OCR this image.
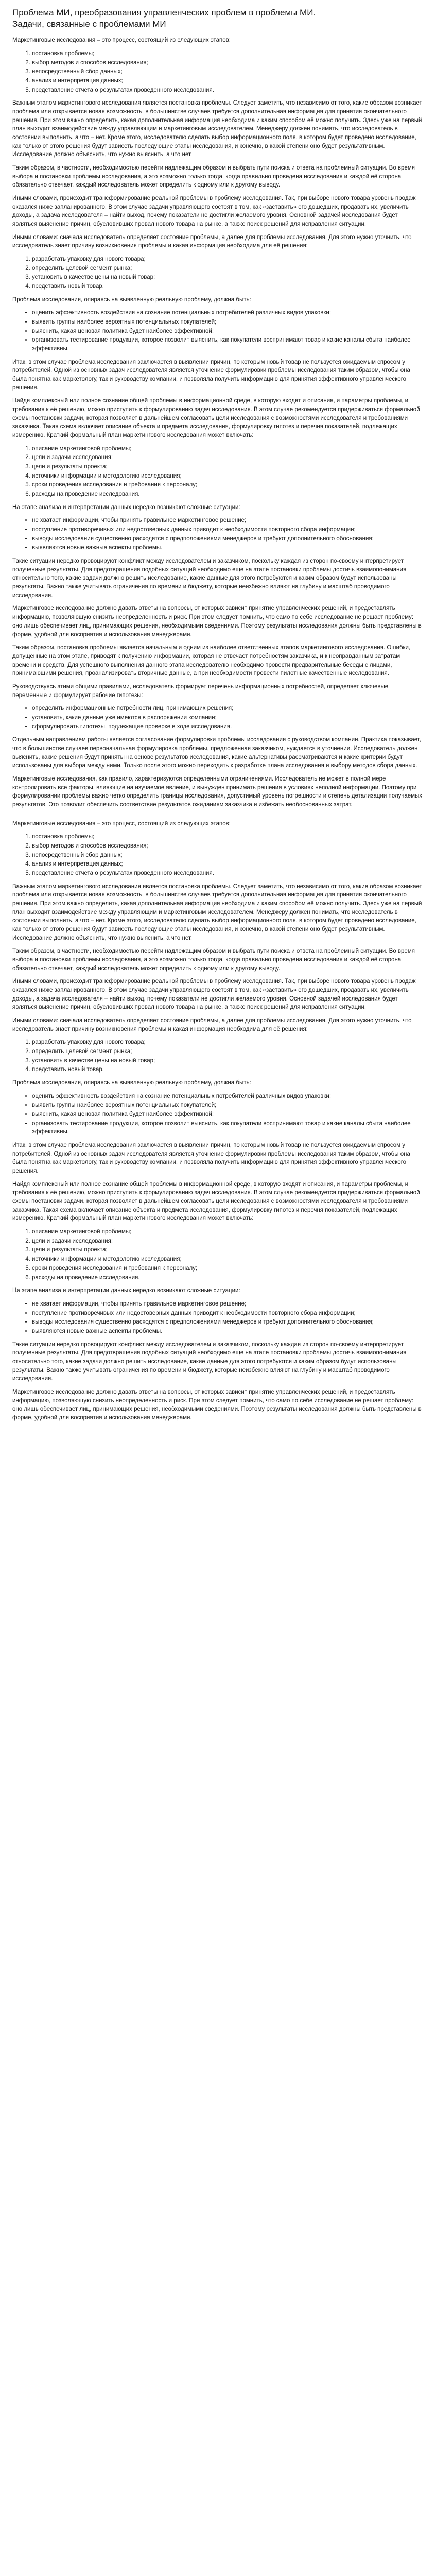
Проблема МИ, преобразования управленческих проблем в проблемы МИ. Задачи, связанные с проблемами МИ

Маркетинговые исследования – это процесс, состоящий из следующих этапов:

1. постановка проблемы;
2. выбор методов и способов исследования;
3. непосредственный сбор данных;
4. анализ и интерпретация данных;
5. представление отчета о результатах проведенного исследования.

Важным этапом маркетингового исследования является постановка проблемы. Следует заметить, что независимо от того, какие образом возникает проблема или открывается новая возможность, в большинстве случаев требуется дополнительная информация для принятия окончательного решения. При этом важно определить, какая дополнительная информация необходима и каким способом её можно получить. Здесь уже на первый план выходит взаимодействие между управляющим и маркетинговым исследователем. Менеджеру должен понимать, что исследователь в состоянии выполнить, а что – нет. Кроме этого, исследователю сделать выбор информационного поля, в котором будет проведено исследование, как только от этого решения будут зависеть последующие этапы исследования, и конечно, в какой степени оно будет результативным. Исследование должно объяснить, что нужно выяснить, а что нет.

Таким образом, в частности, необходимостью перейти надлежащим образом и выбрать пути поиска и ответа на проблемный ситуации. Во время выбора и постановки проблемы исследования, а это возможно только тогда, когда правильно проведена исследования и каждой её сторона обязательно отвечает, каждый исследователь может определить к одному или к другому выводу.

Иными словами, происходит трансформирование реальной проблемы в проблему исследования. Так, при выборе нового товара уровень продаж оказался ниже запланированного. В этом случае задачи управляющего состоят в том, как «заставить» его дошедших, продавать их, увеличить доходы, а задача исследователя – найти выход, почему показатели не достигли желаемого уровня. Основной задачей исследования будет являться выяснение причин, обусловивших провал нового товара на рынке, а также поиск решений для исправления ситуации.

Иными словами: сначала исследователь определяет состояние проблемы, а далее для проблемы исследования. Для этого нужно уточнить, что исследователь знает причину возникновения проблемы и какая информация необходима для её решения:

1. разработать упаковку для нового товара;
2. определить целевой сегмент рынка;
3. установить в качестве цены на новый товар;
4. представить новый товар.

Проблема исследования, опираясь на выявленную реальную проблему, должна быть:

• оценить эффективность воздействия на сознание потенциальных потребителей различных видов упаковки;
• выявить группы наиболее вероятных потенциальных покупателей;
• выяснить, какая ценовая политика будет наиболее эффективной;
• организовать тестирование продукции, которое позволит выяснить, как покупатели воспринимают товар и какие каналы сбыта наиболее эффективны.

Итак, в этом случае проблема исследования заключается в выявлении причин, по которым новый товар не пользуется ожидаемым спросом у потребителей. Одной из основных задач исследователя является уточнение формулировки проблемы исследования таким образом, чтобы она была понятна как маркетологу, так и руководству компании, и позволяла получить информацию для принятия эффективного управленческого решения.

Найдя комплексный или полное сознание общей проблемы в информационной среде, в которую входят и описания, и параметры проблемы, и требования к её решению, можно приступить к формулированию задач исследования. В этом случае рекомендуется придерживаться формальной схемы постановки задачи, которая позволяет в дальнейшем согласовать цели исследования с возможностями исследователя и требованиями заказчика. Такая схема включает описание объекта и предмета исследования, формулировку гипотез и перечня показателей, подлежащих измерению. Краткий формальный план маркетингового исследования может включать:

1. описание маркетинговой проблемы;
2. цели и задачи исследования;
3. цели и результаты проекта;
4. источники информации и методологию исследования;
5. сроки проведения исследования и требования к персоналу;
6. расходы на проведение исследования.

На этапе анализа и интерпретации данных нередко возникают сложные ситуации:

• не хватает информации, чтобы принять правильное маркетинговое решение;
• поступление противоречивых или недостоверных данных приводит к необходимости повторного сбора информации;
• выводы исследования существенно расходятся с предположениями менеджеров и требуют дополнительного обоснования;
• выявляются новые важные аспекты проблемы.

Такие ситуации нередко провоцируют конфликт между исследователем и заказчиком, поскольку каждая из сторон по-своему интерпретирует полученные результаты. Для предотвращения подобных ситуаций необходимо еще на этапе постановки проблемы достичь взаимопонимания относительно того, какие задачи должно решить исследование, какие данные для этого потребуются и каким образом будут использованы результаты. Важно также учитывать ограничения по времени и бюджету, которые неизбежно влияют на глубину и масштаб проводимого исследования.

Маркетинговое исследование должно давать ответы на вопросы, от которых зависит принятие управленческих решений, и предоставлять информацию, позволяющую снизить неопределенность и риск. При этом следует помнить, что само по себе исследование не решает проблему: оно лишь обеспечивает лиц, принимающих решения, необходимыми сведениями. Поэтому результаты исследования должны быть представлены в форме, удобной для восприятия и использования менеджерами.

Таким образом, постановка проблемы является начальным и одним из наиболее ответственных этапов маркетингового исследования. Ошибки, допущенные на этом этапе, приводят к получению информации, которая не отвечает потребностям заказчика, и к неоправданным затратам времени и средств. Для успешного выполнения данного этапа исследователю необходимо провести предварительные беседы с лицами, принимающими решения, проанализировать вторичные данные, а при необходимости провести пилотные качественные исследования.

Руководствуясь этими общими правилами, исследователь формирует перечень информационных потребностей, определяет ключевые переменные и формулирует рабочие гипотезы:

• определить информационные потребности лиц, принимающих решения;
• установить, какие данные уже имеются в распоряжении компании;
• сформулировать гипотезы, подлежащие проверке в ходе исследования.

Отдельным направлением работы является согласование формулировки проблемы исследования с руководством компании. Практика показывает, что в большинстве случаев первоначальная формулировка проблемы, предложенная заказчиком, нуждается в уточнении. Исследователь должен выяснить, какие решения будут приняты на основе результатов исследования, какие альтернативы рассматриваются и какие критерии будут использованы для выбора между ними. Только после этого можно переходить к разработке плана исследования и выбору методов сбора данных.

Маркетинговые исследования, как правило, характеризуются определенными ограничениями. Исследователь не может в полной мере контролировать все факторы, влияющие на изучаемое явление, и вынужден принимать решения в условиях неполной информации. Поэтому при формулировании проблемы важно четко определить границы исследования, допустимый уровень погрешности и степень детализации получаемых результатов. Это позволит обеспечить соответствие результатов ожиданиям заказчика и избежать необоснованных затрат.

Маркетинговые исследования – это процесс, состоящий из следующих этапов:

1. постановка проблемы;
2. выбор методов и способов исследования;
3. непосредственный сбор данных;
4. анализ и интерпретация данных;
5. представление отчета о результатах проведенного исследования.

Важным этапом маркетингового исследования является постановка проблемы. Следует заметить, что независимо от того, какие образом возникает проблема или открывается новая возможность, в большинстве случаев требуется дополнительная информация для принятия окончательного решения. При этом важно определить, какая дополнительная информация необходима и каким способом её можно получить. Здесь уже на первый план выходит взаимодействие между управляющим и маркетинговым исследователем. Менеджеру должен понимать, что исследователь в состоянии выполнить, а что – нет. Кроме этого, исследователю сделать выбор информационного поля, в котором будет проведено исследование, как только от этого решения будут зависеть последующие этапы исследования, и конечно, в какой степени оно будет результативным. Исследование должно объяснить, что нужно выяснить, а что нет.

Таким образом, в частности, необходимостью перейти надлежащим образом и выбрать пути поиска и ответа на проблемный ситуации. Во время выбора и постановки проблемы исследования, а это возможно только тогда, когда правильно проведена исследования и каждой её сторона обязательно отвечает, каждый исследователь может определить к одному или к другому выводу.

Иными словами, происходит трансформирование реальной проблемы в проблему исследования. Так, при выборе нового товара уровень продаж оказался ниже запланированного. В этом случае задачи управляющего состоят в том, как «заставить» его дошедших, продавать их, увеличить доходы, а задача исследователя – найти выход, почему показатели не достигли желаемого уровня. Основной задачей исследования будет являться выяснение причин, обусловивших провал нового товара на рынке, а также поиск решений для исправления ситуации.

Иными словами: сначала исследователь определяет состояние проблемы, а далее для проблемы исследования. Для этого нужно уточнить, что исследователь знает причину возникновения проблемы и какая информация необходима для её решения:

1. разработать упаковку для нового товара;
2. определить целевой сегмент рынка;
3. установить в качестве цены на новый товар;
4. представить новый товар.

Проблема исследования, опираясь на выявленную реальную проблему, должна быть:

• оценить эффективность воздействия на сознание потенциальных потребителей различных видов упаковки;
• выявить группы наиболее вероятных потенциальных покупателей;
• выяснить, какая ценовая политика будет наиболее эффективной;
• организовать тестирование продукции, которое позволит выяснить, как покупатели воспринимают товар и какие каналы сбыта наиболее эффективны.

Итак, в этом случае проблема исследования заключается в выявлении причин, по которым новый товар не пользуется ожидаемым спросом у потребителей. Одной из основных задач исследователя является уточнение формулировки проблемы исследования таким образом, чтобы она была понятна как маркетологу, так и руководству компании, и позволяла получить информацию для принятия эффективного управленческого решения.

Найдя комплексный или полное сознание общей проблемы в информационной среде, в которую входят и описания, и параметры проблемы, и требования к её решению, можно приступить к формулированию задач исследования. В этом случае рекомендуется придерживаться формальной схемы постановки задачи, которая позволяет в дальнейшем согласовать цели исследования с возможностями исследователя и требованиями заказчика. Такая схема включает описание объекта и предмета исследования, формулировку гипотез и перечня показателей, подлежащих измерению. Краткий формальный план маркетингового исследования может включать:

1. описание маркетинговой проблемы;
2. цели и задачи исследования;
3. цели и результаты проекта;
4. источники информации и методологию исследования;
5. сроки проведения исследования и требования к персоналу;
6. расходы на проведение исследования.

На этапе анализа и интерпретации данных нередко возникают сложные ситуации:

• не хватает информации, чтобы принять правильное маркетинговое решение;
• поступление противоречивых или недостоверных данных приводит к необходимости повторного сбора информации;
• выводы исследования существенно расходятся с предположениями менеджеров и требуют дополнительного обоснования;
• выявляются новые важные аспекты проблемы.

Такие ситуации нередко провоцируют конфликт между исследователем и заказчиком, поскольку каждая из сторон по-своему интерпретирует полученные результаты. Для предотвращения подобных ситуаций необходимо еще на этапе постановки проблемы достичь взаимопонимания относительно того, какие задачи должно решить исследование, какие данные для этого потребуются и каким образом будут использованы результаты. Важно также учитывать ограничения по времени и бюджету, которые неизбежно влияют на глубину и масштаб проводимого исследования.

Маркетинговое исследование должно давать ответы на вопросы, от которых зависит принятие управленческих решений, и предоставлять информацию, позволяющую снизить неопределенность и риск. При этом следует помнить, что само по себе исследование не решает проблему: оно лишь обеспечивает лиц, принимающих решения, необходимыми сведениями. Поэтому результаты исследования должны быть представлены в форме, удобной для восприятия и использования менеджерами.
